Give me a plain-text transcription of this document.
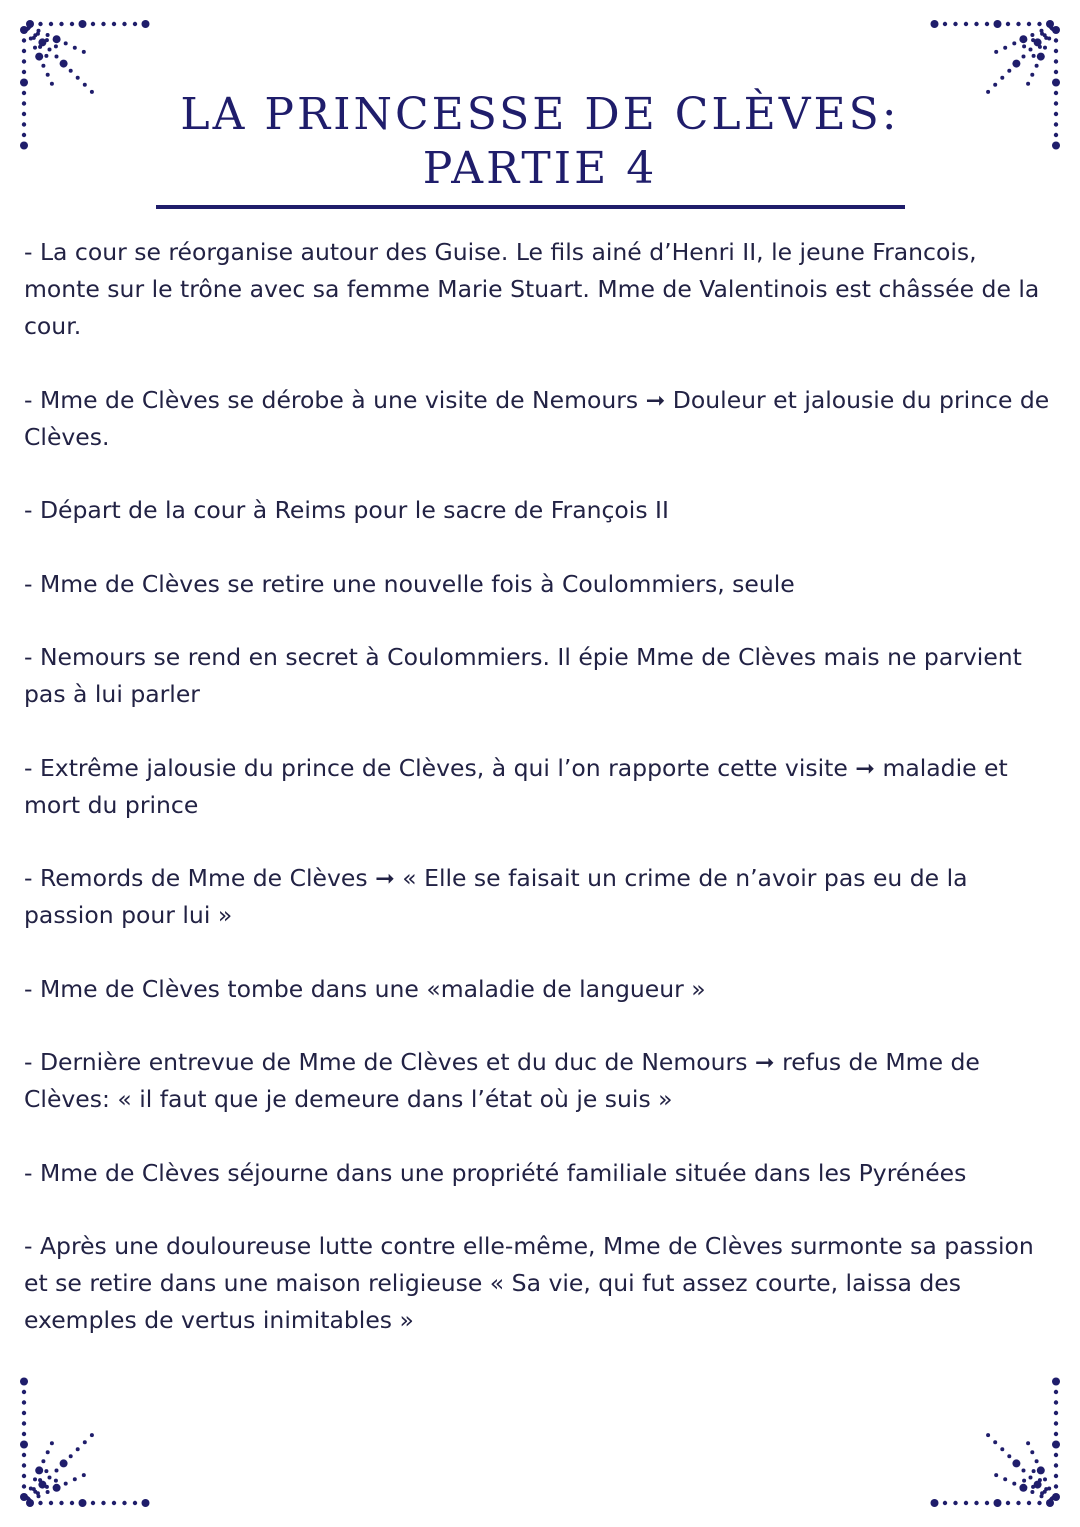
LA PRINCESSE DE CLÈVES:
PARTIE 4

- La cour se réorganise autour des Guise. Le fils ainé d’Henri II, le jeune Francois, monte sur le trône avec sa femme Marie Stuart. Mme de Valentinois est châssée de la cour.

- Mme de Clèves se dérobe à une visite de Nemours ➞ Douleur et jalousie du prince de Clèves.

- Départ de la cour à Reims pour le sacre de François II

- Mme de Clèves se retire une nouvelle fois à Coulommiers, seule

- Nemours se rend en secret à Coulommiers. Il épie Mme de Clèves mais ne parvient pas à lui parler

- Extrême jalousie du prince de Clèves, à qui l’on rapporte cette visite ➞ maladie et mort du prince

- Remords de Mme de Clèves ➞ « Elle se faisait un crime de n’avoir pas eu de la passion pour lui »

- Mme de Clèves tombe dans une «maladie de langueur »

- Dernière entrevue de Mme de Clèves et du duc de Nemours ➞ refus de Mme de Clèves: « il faut que je demeure dans l’état où je suis »

- Mme de Clèves séjourne dans une propriété familiale située dans les Pyrénées

- Après une douloureuse lutte contre elle-même, Mme de Clèves surmonte sa passion et se retire dans une maison religieuse « Sa vie, qui fut assez courte, laissa des exemples de vertus inimitables »
